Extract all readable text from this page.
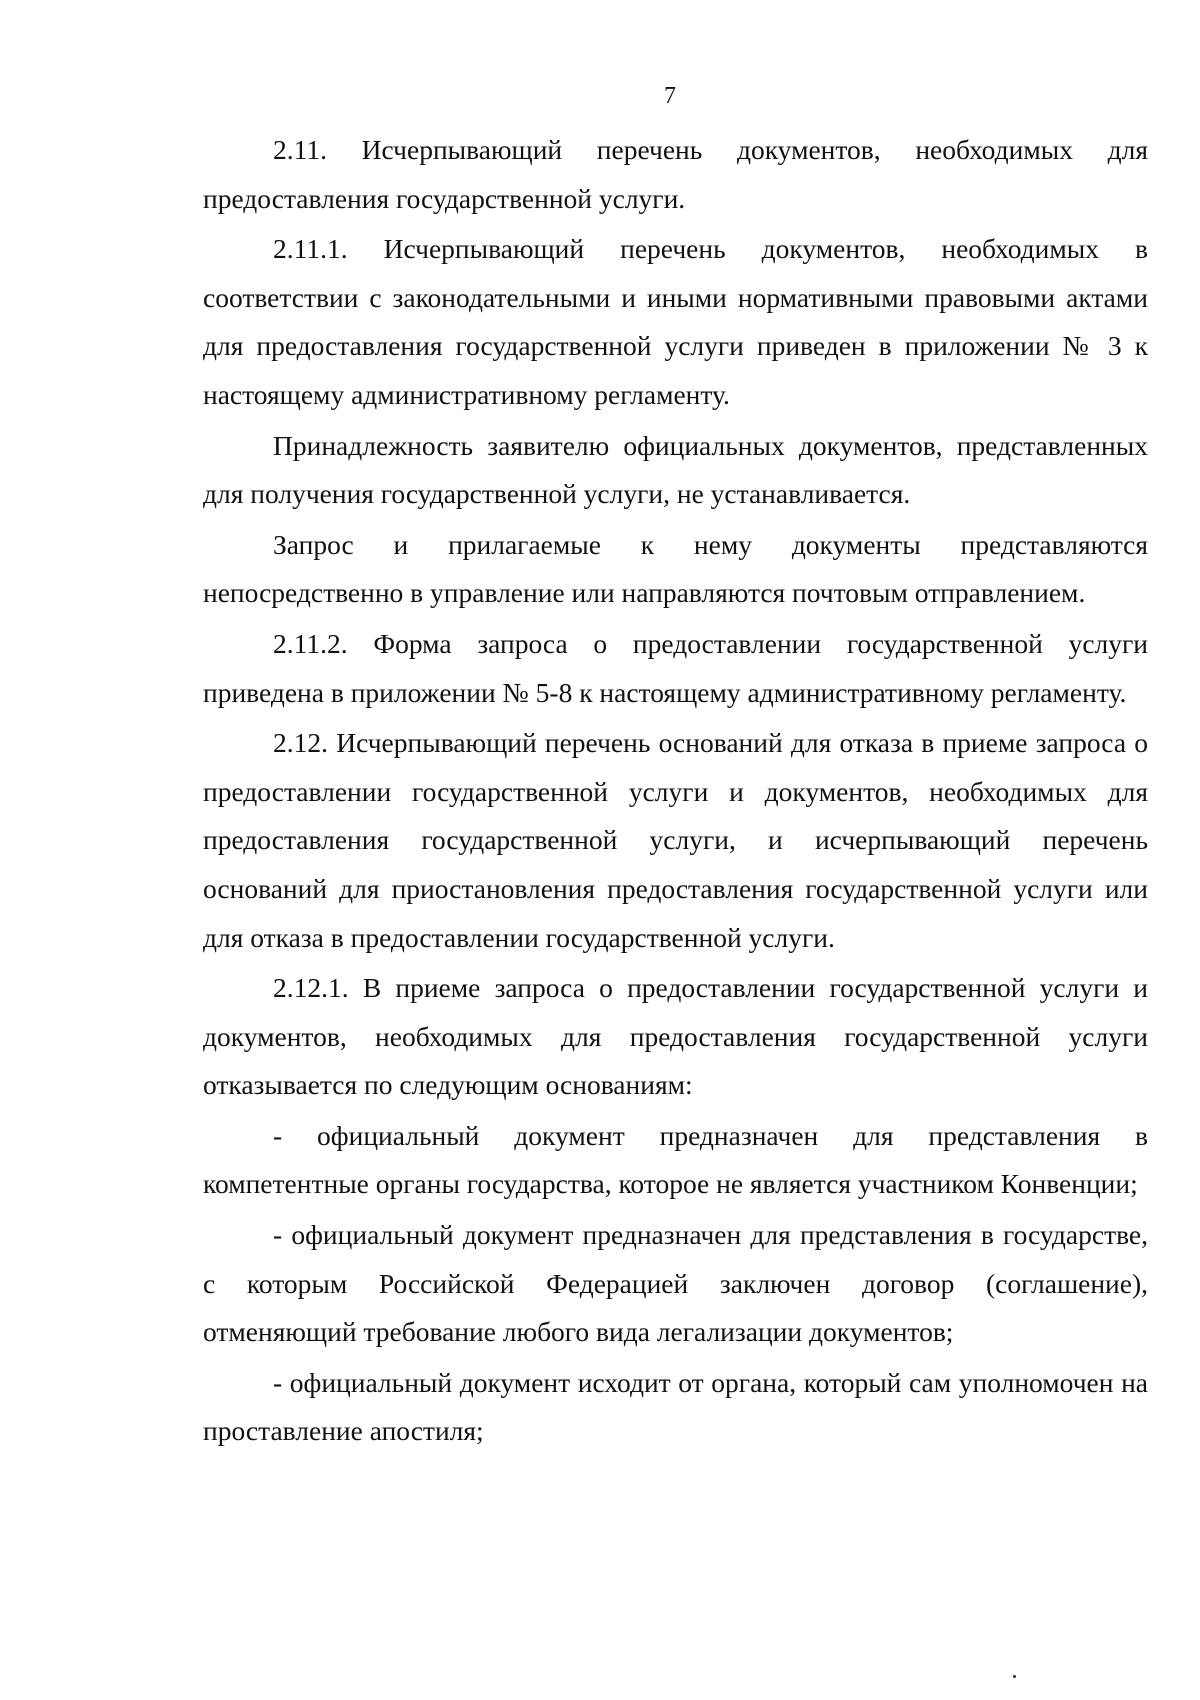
7

2.11. Исчерпывающий перечень документов, необходимых для предоставления государственной услуги.

2.11.1. Исчерпывающий перечень документов, необходимых в соответствии с законодательными и иными нормативными правовыми актами для предоставления государственной услуги приведен в приложении № 3 к настоящему административному регламенту.

Принадлежность заявителю официальных документов, представленных для получения государственной услуги, не устанавливается.

Запрос и прилагаемые к нему документы представляются непосредственно в управление или направляются почтовым отправлением.

2.11.2. Форма запроса о предоставлении государственной услуги приведена в приложении № 5-8 к настоящему административному регламенту.

2.12. Исчерпывающий перечень оснований для отказа в приеме запроса о предоставлении государственной услуги и документов, необходимых для предоставления государственной услуги, и исчерпывающий перечень оснований для приостановления предоставления государственной услуги или для отказа в предоставлении государственной услуги.

2.12.1. В приеме запроса о предоставлении государственной услуги и документов, необходимых для предоставления государственной услуги отказывается по следующим основаниям:

- официальный документ предназначен для представления в компетентные органы государства, которое не является участником Конвенции;

- официальный документ предназначен для представления в государстве, с которым Российской Федерацией заключен договор (соглашение), отменяющий требование любого вида легализации документов;

- официальный документ исходит от органа, который сам уполномочен на проставление апостиля;
